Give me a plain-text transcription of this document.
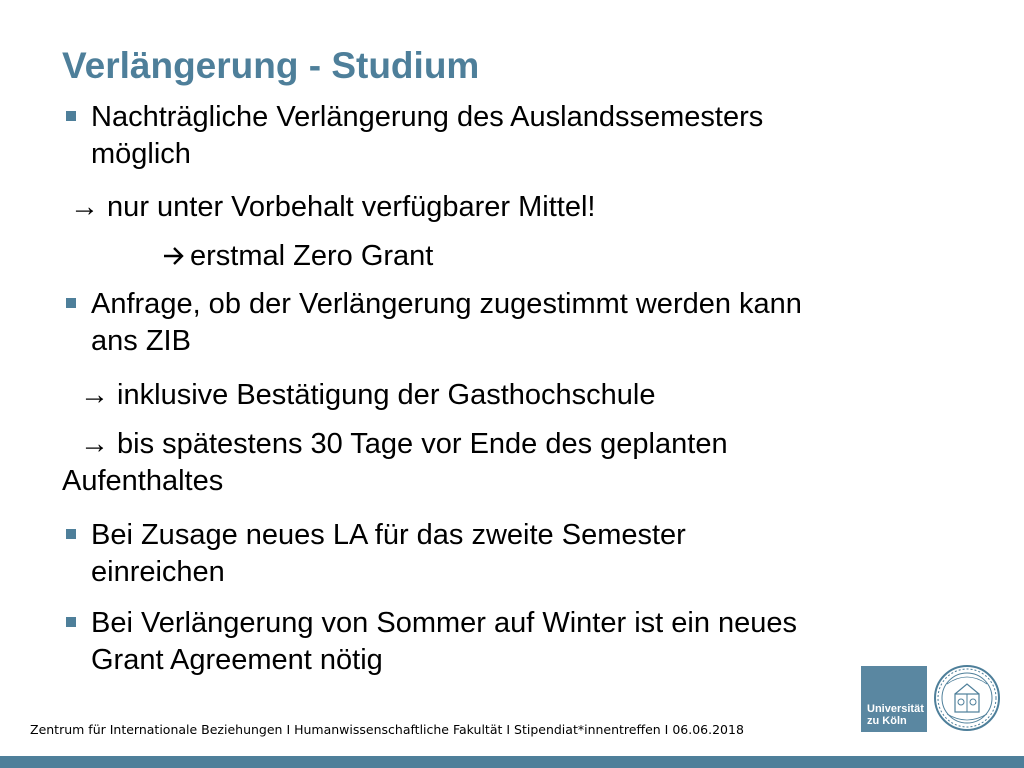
Verlängerung - Studium
Nachträgliche Verlängerung des Auslandssemesters
möglich
→ nur unter Vorbehalt verfügbarer Mittel!
erstmal Zero Grant
Anfrage, ob der Verlängerung zugestimmt werden kann
ans ZIB
→ inklusive Bestätigung der Gasthochschule
→ bis spätestens 30 Tage vor Ende des geplanten
Aufenthaltes
Bei Zusage neues LA für das zweite Semester
einreichen
Bei Verlängerung von Sommer auf Winter ist ein neues
Grant Agreement nötig
Universität
zu Köln
Zentrum für Internationale Beziehungen I Humanwissenschaftliche Fakultät I Stipendiat*innentreffen I 06.06.2018
